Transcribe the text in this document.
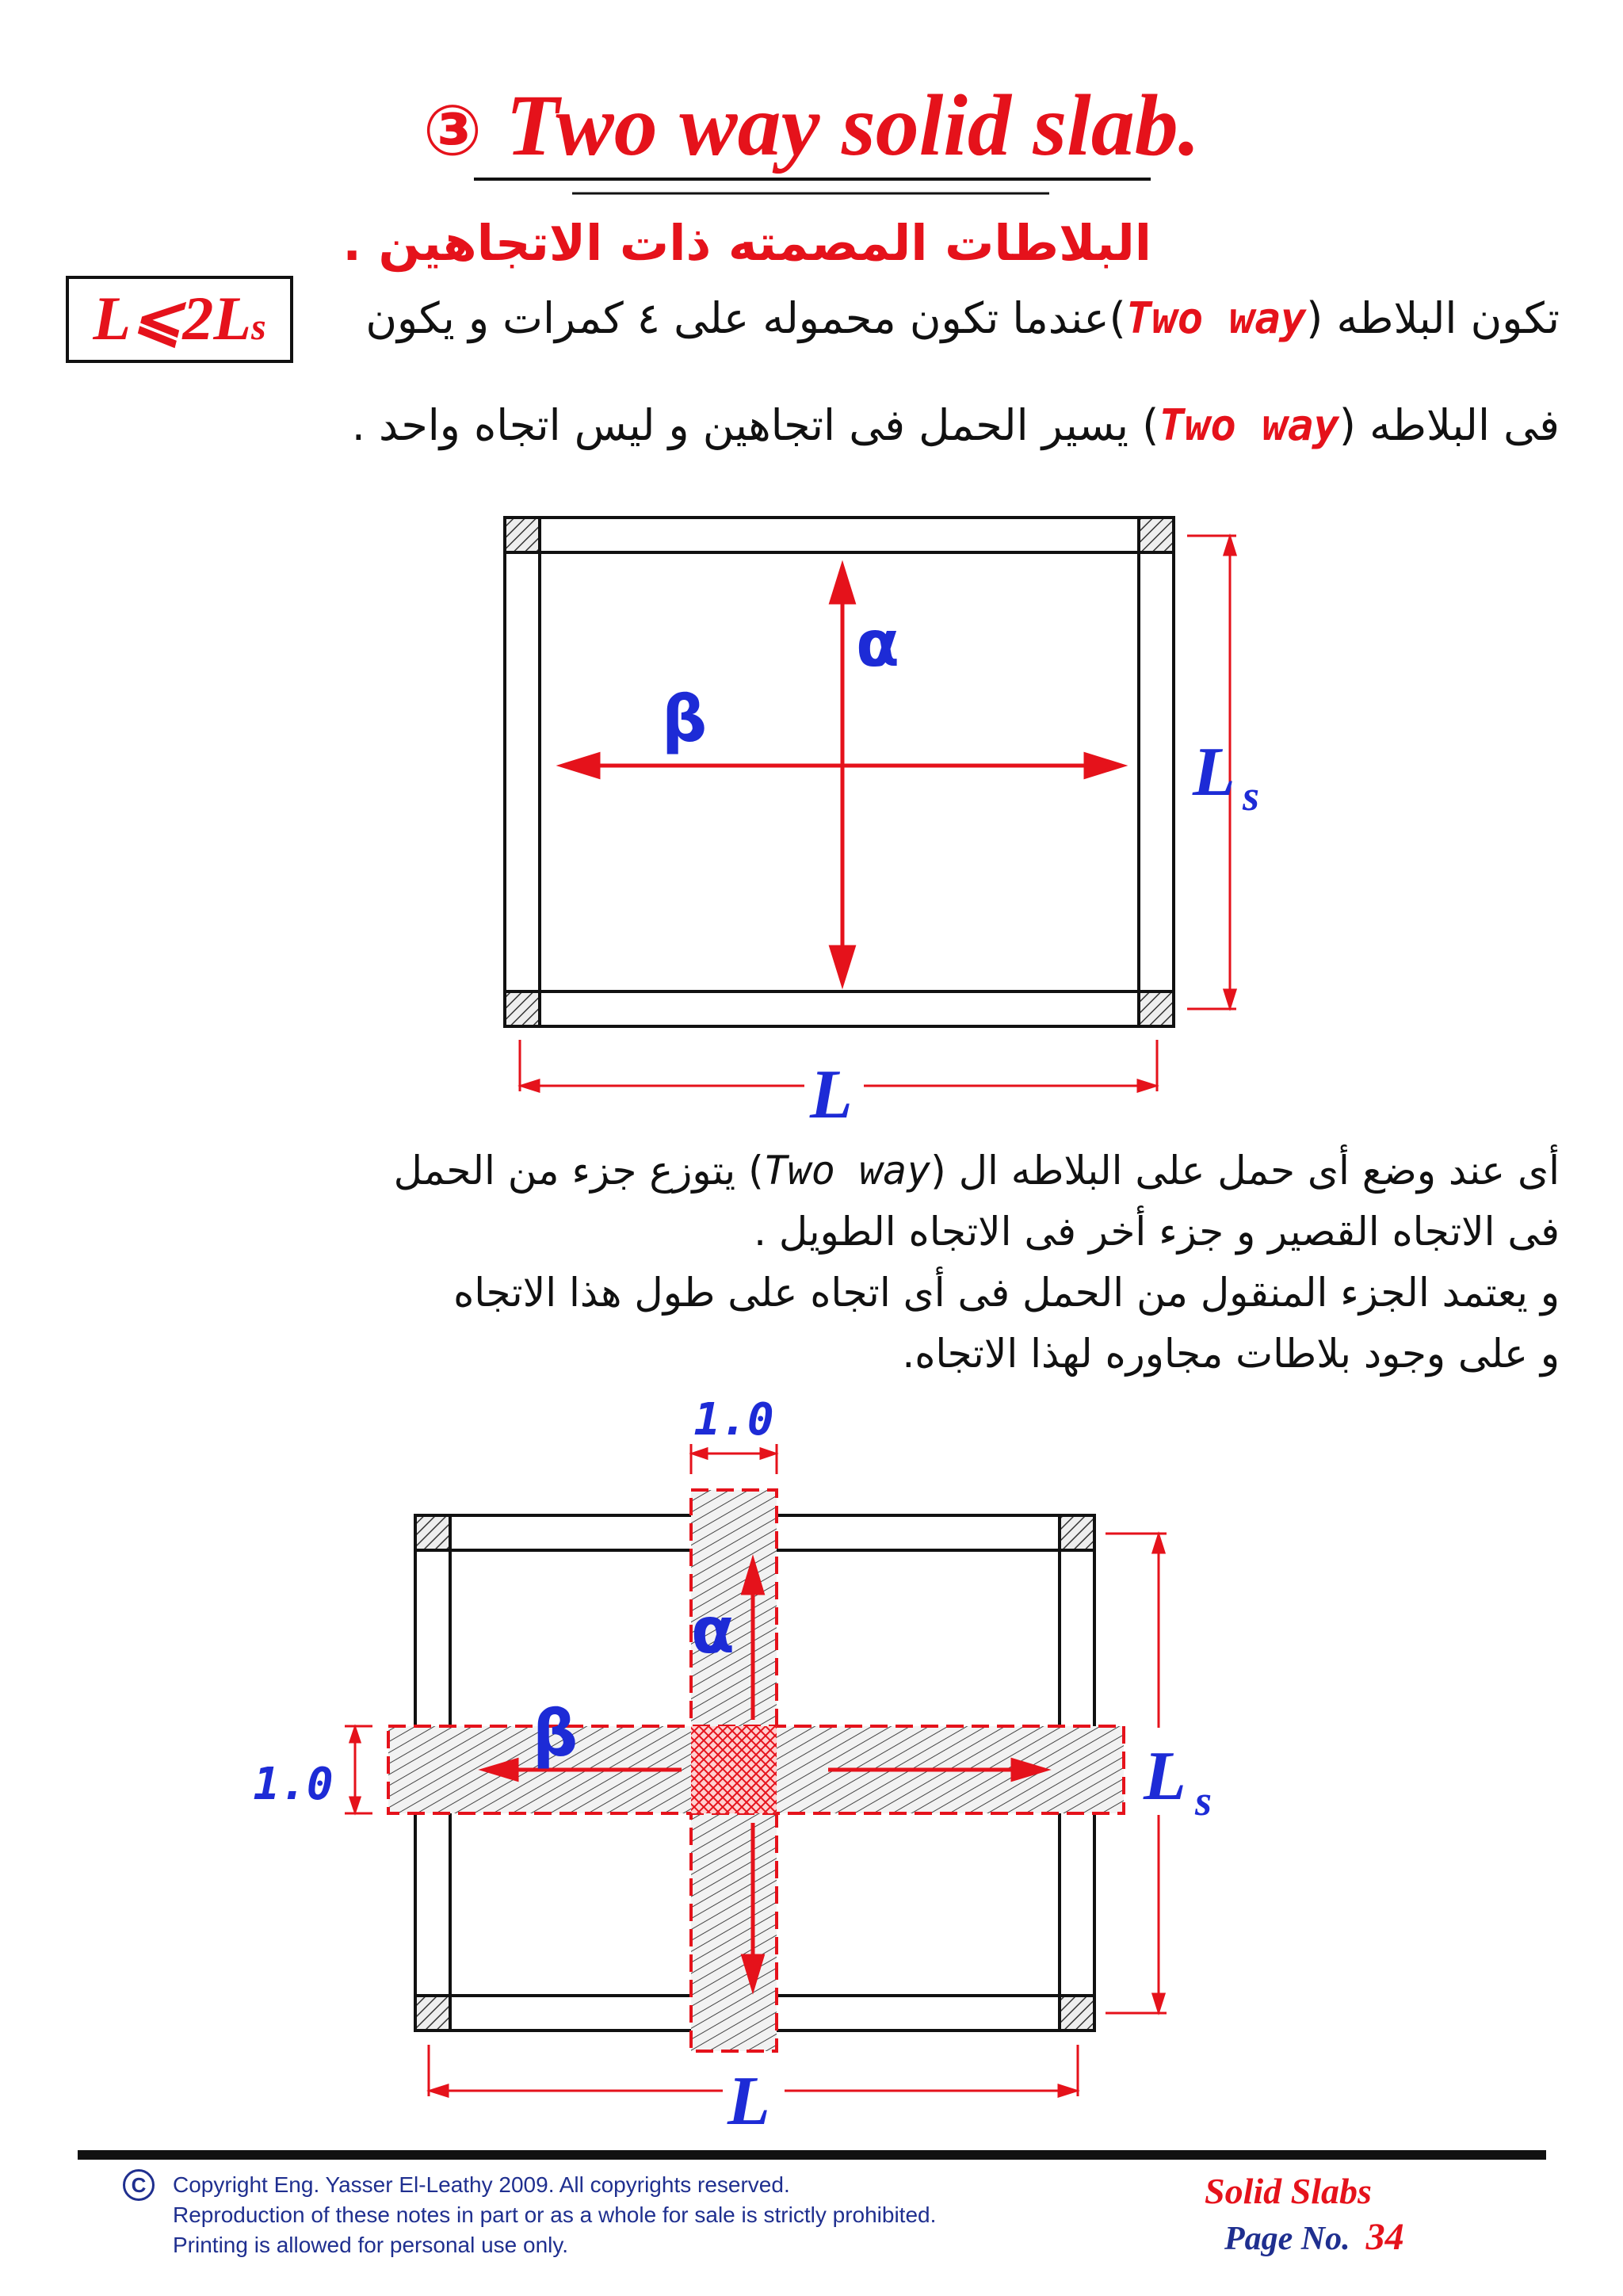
③ Two way solid slab.
البلاطات المصمته ذات الاتجاهين .
تكون البلاطه (Two way)عندما تكون محموله على ٤ كمرات و يكون
L⩽2Ls
فى البلاطه (Two way) يسير الحمل فى اتجاهين و ليس اتجاه واحد .
أى عند وضع أى حمل على البلاطه ال (Two way) يتوزع جزء من الحمل
فى الاتجاه القصير و جزء أخر فى الاتجاه الطويل .
و يعتمد الجزء المنقول من الحمل فى أى اتجاه على طول هذا الاتجاه
و على وجود بلاطات مجاوره لهذا الاتجاه.
α
β
L s
L
α
β
1.0
1.0	L s
L
C	Copyright Eng. Yasser El-Leathy 2009. All copyrights reserved.
Reproduction of these notes in part or as a whole for sale is strictly prohibited.
Printing is allowed for personal use only.
Solid Slabs
Page No. 34
